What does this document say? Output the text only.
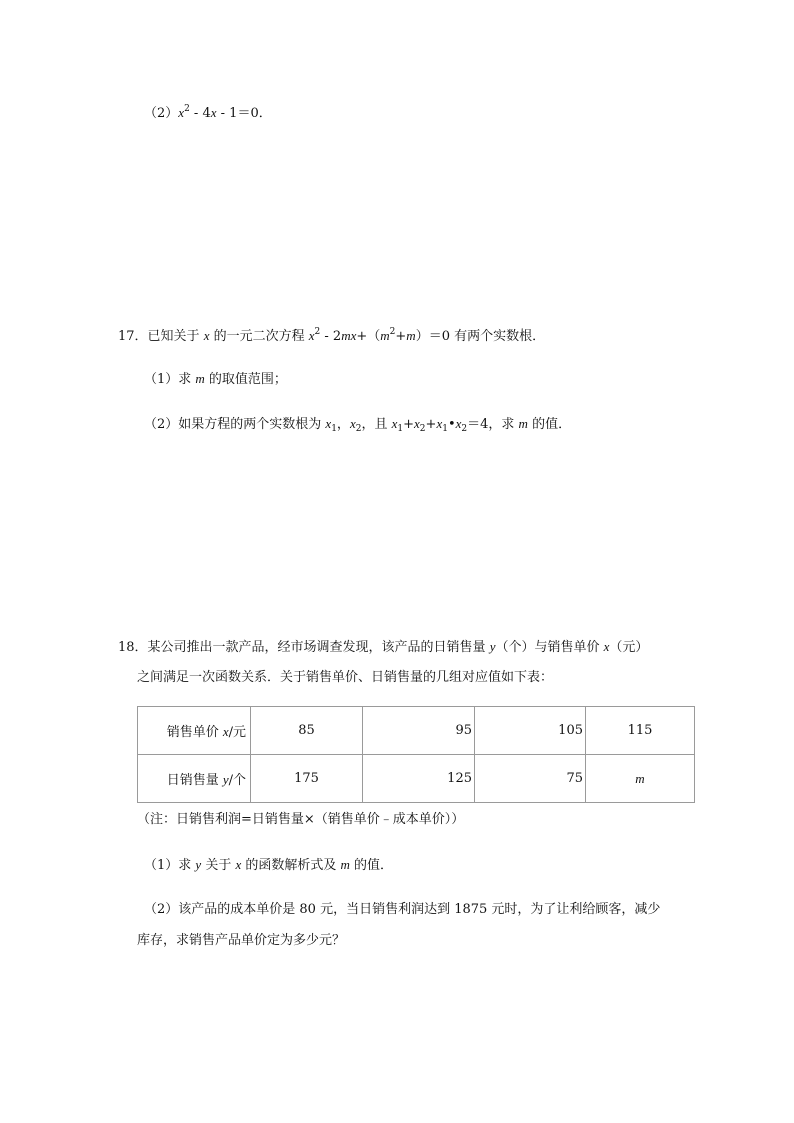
$(2)x^2 - 4x - 1=0$．
17．已知关于 x 的一元二次方程 $x^2 - 2mx+(m^2+m)=0$ 有两个实数根．
（1）求 m 的取值范围；
（2）如果方程的两个实数根为 $x_1$，$x_2$，且 $x_1+x_2+x_1•x_2=4$，求 m 的值．
18．某公司推出一款产品，经市场调查发现，该产品的日销售量 y（个）与销售单价 x（元）
之间满足一次函数关系．关于销售单价、日销售量的几组对应值如下表：
销售单价 x/元	85	95	105	115
日销售量 y/个	175	125	75	m
（注：日销售利润=日销售量×（销售单价﹣成本单价））
（1）求 y 关于 x 的函数解析式及 m 的值．
（2）该产品的成本单价是 80 元，当日销售利润达到 1875 元时，为了让利给顾客，减少
库存，求销售产品单价定为多少元？
